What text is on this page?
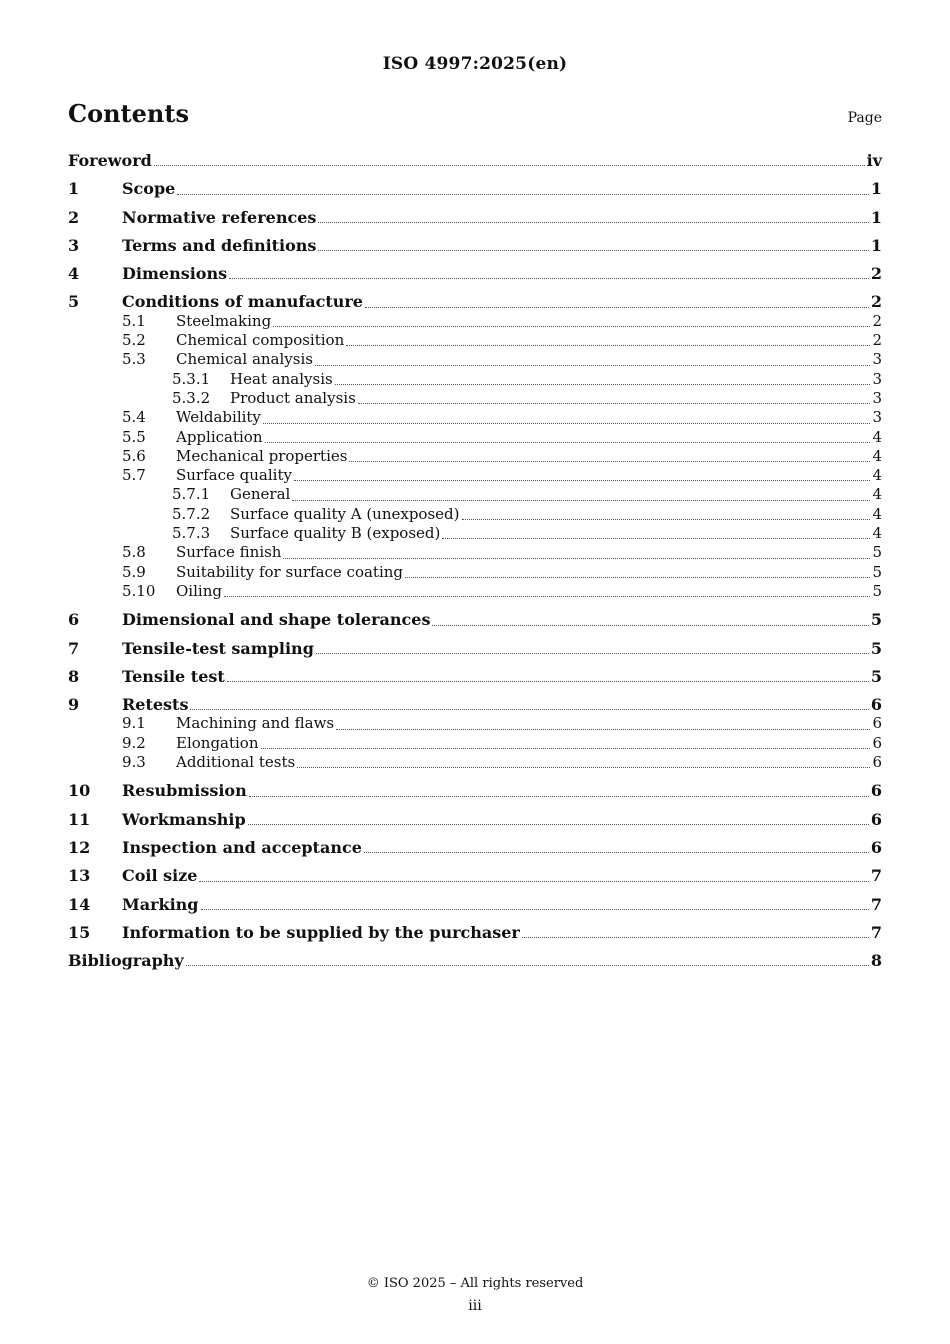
ISO 4997:2025(en)
Contents	Page
Foreword	iv
1	Scope	1
2	Normative references	1
3	Terms and definitions	1
4	Dimensions	2
5	Conditions of manufacture	2
5.1	Steelmaking	2
5.2	Chemical composition	2
5.3	Chemical analysis	3
5.3.1	Heat analysis	3
5.3.2	Product analysis	3
5.4	Weldability	3
5.5	Application	4
5.6	Mechanical properties	4
5.7	Surface quality	4
5.7.1	General	4
5.7.2	Surface quality A (unexposed)	4
5.7.3	Surface quality B (exposed)	4
5.8	Surface finish	5
5.9	Suitability for surface coating	5
5.10	Oiling	5
6	Dimensional and shape tolerances	5
7	Tensile-test sampling	5
8	Tensile test	5
9	Retests	6
9.1	Machining and flaws	6
9.2	Elongation	6
9.3	Additional tests	6
10	Resubmission	6
11	Workmanship	6
12	Inspection and acceptance	6
13	Coil size	7
14	Marking	7
15	Information to be supplied by the purchaser	7
Bibliography	8
© ISO 2025 – All rights reserved
iii
